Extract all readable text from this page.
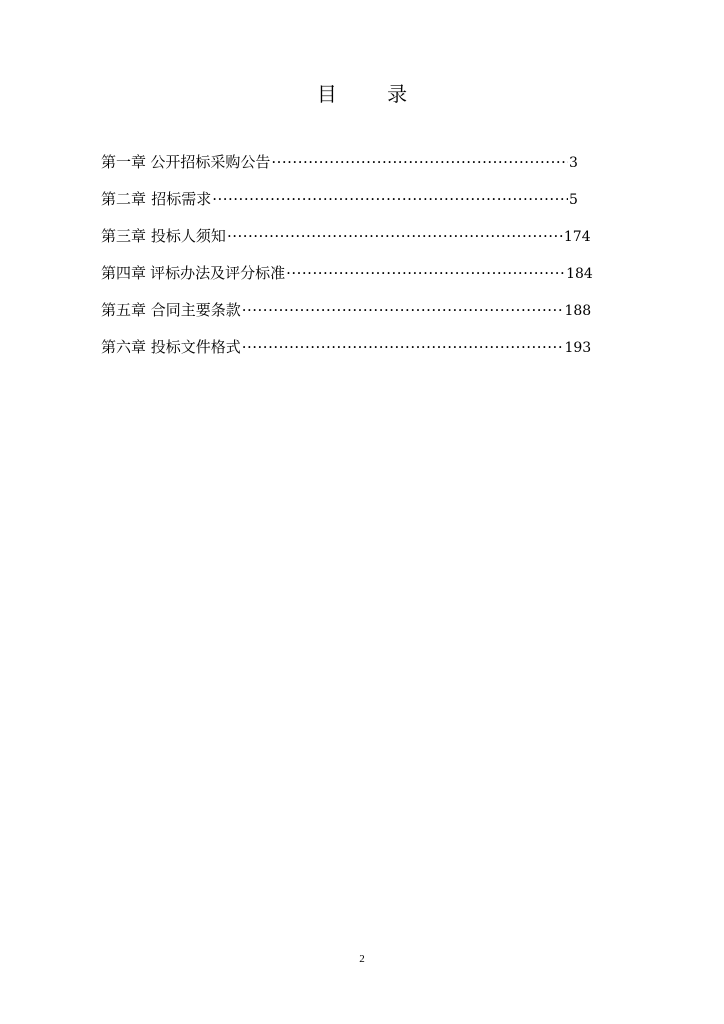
目 录
第一章 公开招标采购公告 ·····	3
第二章 招标需求 ·····	5
第三章 投标人须知 ·····	174
第四章 评标办法及评分标准 ·····	184
第五章 合同主要条款 ·····	188
第六章 投标文件格式 ·····	193
2
